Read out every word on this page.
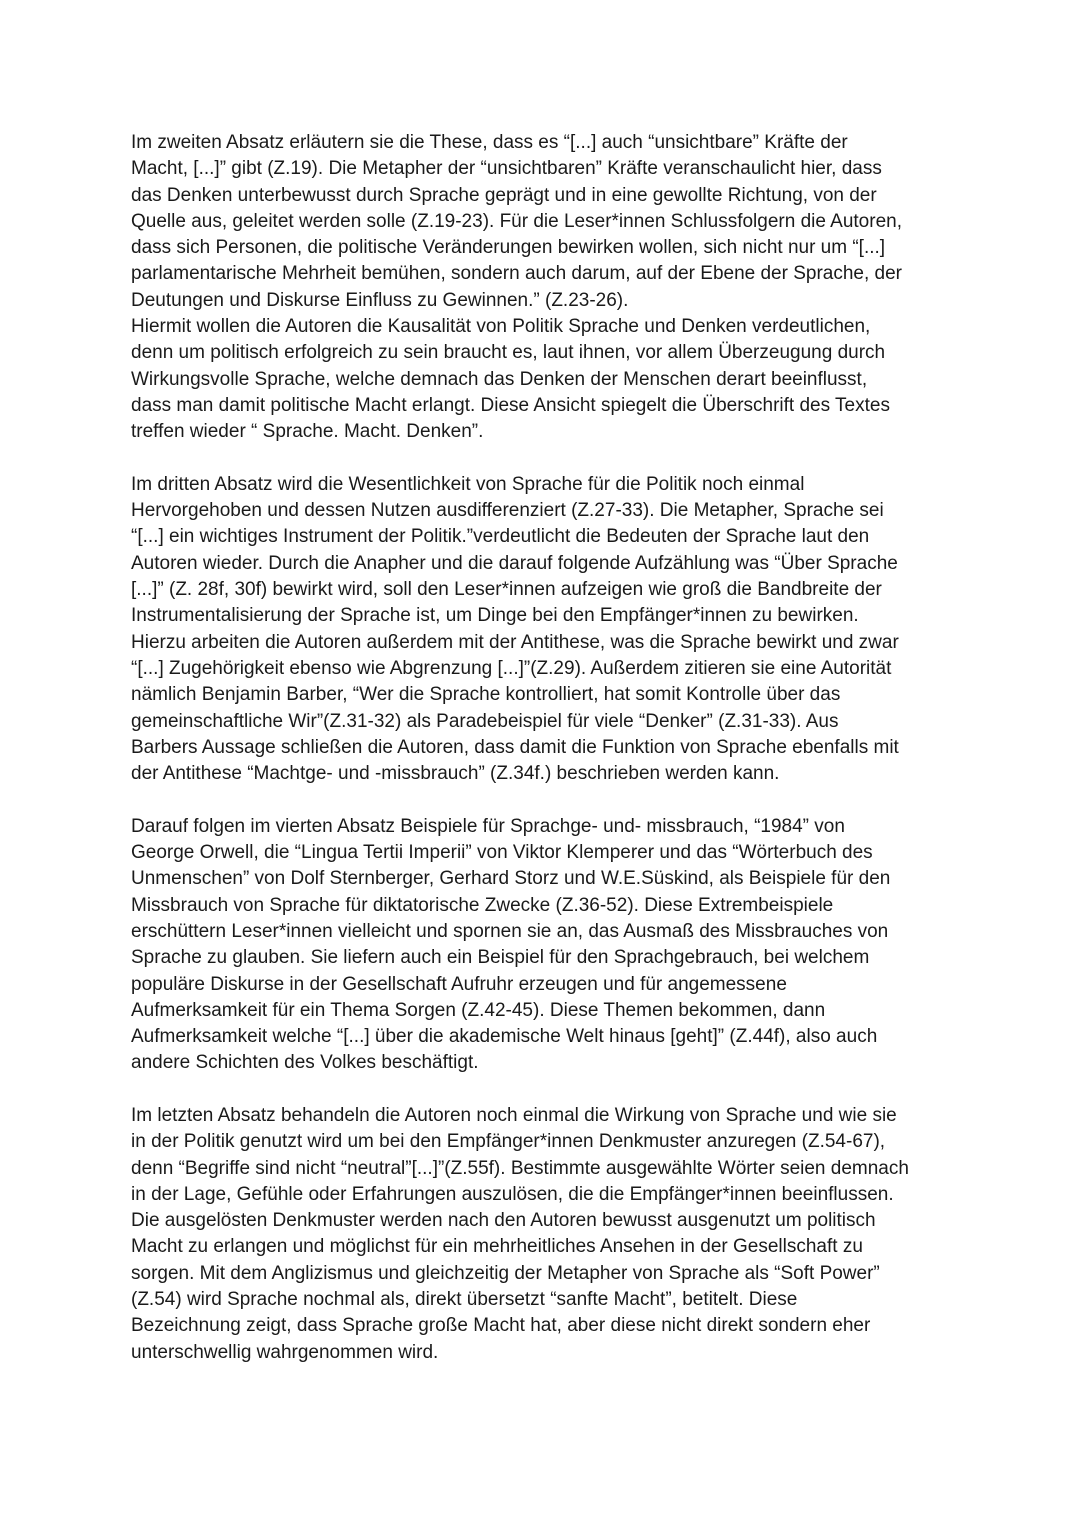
Im zweiten Absatz erläutern sie die These, dass es “[...] auch “unsichtbare” Kräfte der
Macht, [...]” gibt (Z.19). Die Metapher der “unsichtbaren” Kräfte veranschaulicht hier, dass
das Denken unterbewusst durch Sprache geprägt und in eine gewollte Richtung, von der
Quelle aus, geleitet werden solle (Z.19-23). Für die Leser*innen Schlussfolgern die Autoren,
dass sich Personen, die politische Veränderungen bewirken wollen, sich nicht nur um “[...]
parlamentarische Mehrheit bemühen, sondern auch darum, auf der Ebene der Sprache, der
Deutungen und Diskurse Einfluss zu Gewinnen.” (Z.23-26).
Hiermit wollen die Autoren die Kausalität von Politik Sprache und Denken verdeutlichen,
denn um politisch erfolgreich zu sein braucht es, laut ihnen, vor allem Überzeugung durch
Wirkungsvolle Sprache, welche demnach das Denken der Menschen derart beeinflusst,
dass man damit politische Macht erlangt. Diese Ansicht spiegelt die Überschrift des Textes
treffen wieder “ Sprache. Macht. Denken”.
Im dritten Absatz wird die Wesentlichkeit von Sprache für die Politik noch einmal
Hervorgehoben und dessen Nutzen ausdifferenziert (Z.27-33). Die Metapher, Sprache sei
“[...] ein wichtiges Instrument der Politik.”verdeutlicht die Bedeuten der Sprache laut den
Autoren wieder. Durch die Anapher und die darauf folgende Aufzählung was “Über Sprache
[...]” (Z. 28f, 30f) bewirkt wird, soll den Leser*innen aufzeigen wie groß die Bandbreite der
Instrumentalisierung der Sprache ist, um Dinge bei den Empfänger*innen zu bewirken.
Hierzu arbeiten die Autoren außerdem mit der Antithese, was die Sprache bewirkt und zwar
“[...] Zugehörigkeit ebenso wie Abgrenzung [...]”(Z.29). Außerdem zitieren sie eine Autorität
nämlich Benjamin Barber, “Wer die Sprache kontrolliert, hat somit Kontrolle über das
gemeinschaftliche Wir”(Z.31-32) als Paradebeispiel für viele “Denker” (Z.31-33). Aus
Barbers Aussage schließen die Autoren, dass damit die Funktion von Sprache ebenfalls mit
der Antithese “Machtge- und -missbrauch” (Z.34f.) beschrieben werden kann.
Darauf folgen im vierten Absatz Beispiele für Sprachge- und- missbrauch, “1984” von
George Orwell, die “Lingua Tertii Imperii” von Viktor Klemperer und das “Wörterbuch des
Unmenschen” von Dolf Sternberger, Gerhard Storz und W.E.Süskind, als Beispiele für den
Missbrauch von Sprache für diktatorische Zwecke (Z.36-52). Diese Extrembeispiele
erschüttern Leser*innen vielleicht und spornen sie an, das Ausmaß des Missbrauches von
Sprache zu glauben. Sie liefern auch ein Beispiel für den Sprachgebrauch, bei welchem
populäre Diskurse in der Gesellschaft Aufruhr erzeugen und für angemessene
Aufmerksamkeit für ein Thema Sorgen (Z.42-45). Diese Themen bekommen, dann
Aufmerksamkeit welche “[...] über die akademische Welt hinaus [geht]” (Z.44f), also auch
andere Schichten des Volkes beschäftigt.
Im letzten Absatz behandeln die Autoren noch einmal die Wirkung von Sprache und wie sie
in der Politik genutzt wird um bei den Empfänger*innen Denkmuster anzuregen (Z.54-67),
denn “Begriffe sind nicht “neutral”[...]”(Z.55f). Bestimmte ausgewählte Wörter seien demnach
in der Lage, Gefühle oder Erfahrungen auszulösen, die die Empfänger*innen beeinflussen.
Die ausgelösten Denkmuster werden nach den Autoren bewusst ausgenutzt um politisch
Macht zu erlangen und möglichst für ein mehrheitliches Ansehen in der Gesellschaft zu
sorgen. Mit dem Anglizismus und gleichzeitig der Metapher von Sprache als “Soft Power”
(Z.54) wird Sprache nochmal als, direkt übersetzt “sanfte Macht”, betitelt. Diese
Bezeichnung zeigt, dass Sprache große Macht hat, aber diese nicht direkt sondern eher
unterschwellig wahrgenommen wird.
